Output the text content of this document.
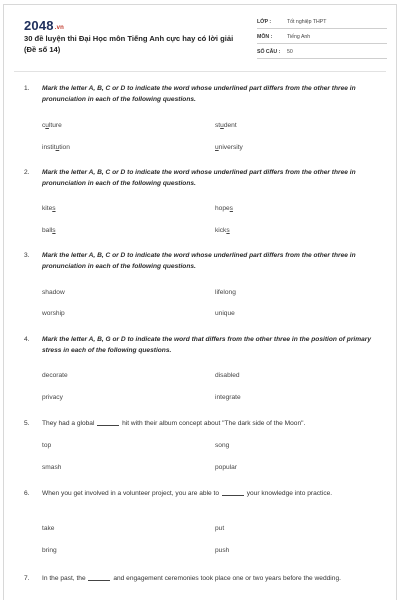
2048.vn
30 đề luyện thi Đại Học môn Tiếng Anh cực hay có lời giải (Đề số 14)
LỚP :	Tốt nghiệp THPT
MÔN :	Tiếng Anh
SỐ CÂU : 50
1. Mark the letter A, B, C or D to indicate the word whose underlined part differs from the other three in pronunciation in each of the following questions.
culture	student
institution	university
2. Mark the letter A, B, C or D to indicate the word whose underlined part differs from the other three in pronunciation in each of the following questions.
kites	hopes
balls	kicks
3. Mark the letter A, B, C or D to indicate the word whose underlined part differs from the other three in pronunciation in each of the following questions.
shadow	lifelong
worship	unique
4. Mark the letter A, B, G or D to indicate the word that differs from the other three in the position of primary stress in each of the following questions.
decorate	disabled
privacy	integrate
5. They had a global	hit with their album concept about "The dark side of the Moon".
top	song
smash	popular
6. When you get involved in a volunteer project, you are able to	your knowledge into practice.
take	put
bring	push
7. In the past, the	and engagement ceremonies took place one or two years before the wedding.
